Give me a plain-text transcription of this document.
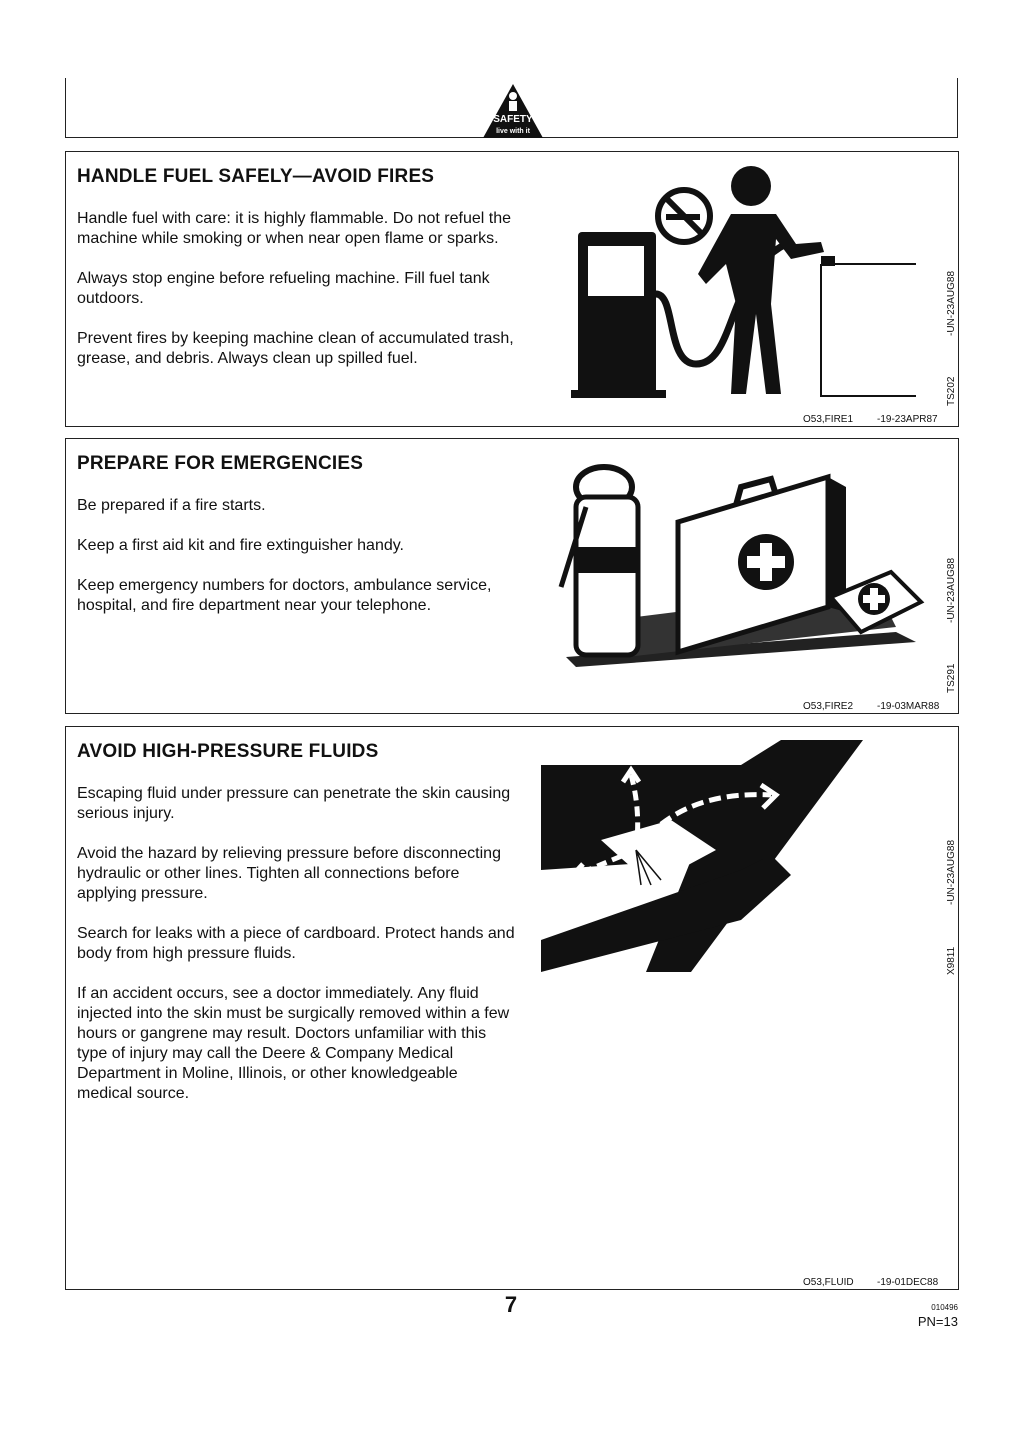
SAFETY
live with it
HANDLE FUEL SAFELY—AVOID FIRES

Handle fuel with care: it is highly flammable. Do not refuel the machine while smoking or when near open flame or sparks.

Always stop engine before refueling machine. Fill fuel tank outdoors.

Prevent fires by keeping machine clean of accumulated trash, grease, and debris. Always clean up spilled fuel.

-UN-23AUG88
TS202
O53,FIRE1 -19-23APR87
PREPARE FOR EMERGENCIES

Be prepared if a fire starts.

Keep a first aid kit and fire extinguisher handy.

Keep emergency numbers for doctors, ambulance service, hospital, and fire department near your telephone.	-UN-23AUG88
TS291
O53,FIRE2 -19-03MAR88
AVOID HIGH-PRESSURE FLUIDS

Escaping fluid under pressure can penetrate the skin causing serious injury.

Avoid the hazard by relieving pressure before disconnecting hydraulic or other lines. Tighten all connections before applying pressure.

Search for leaks with a piece of cardboard. Protect hands and body from high pressure fluids.

If an accident occurs, see a doctor immediately. Any fluid injected into the skin must be surgically removed within a few hours or gangrene may result. Doctors unfamiliar with this type of injury may call the Deere & Company Medical Department in Moline, Illinois, or other knowledgeable medical source.

-UN-23AUG88
X9811
O53,FLUID -19-01DEC88
7	010496
PN=13
